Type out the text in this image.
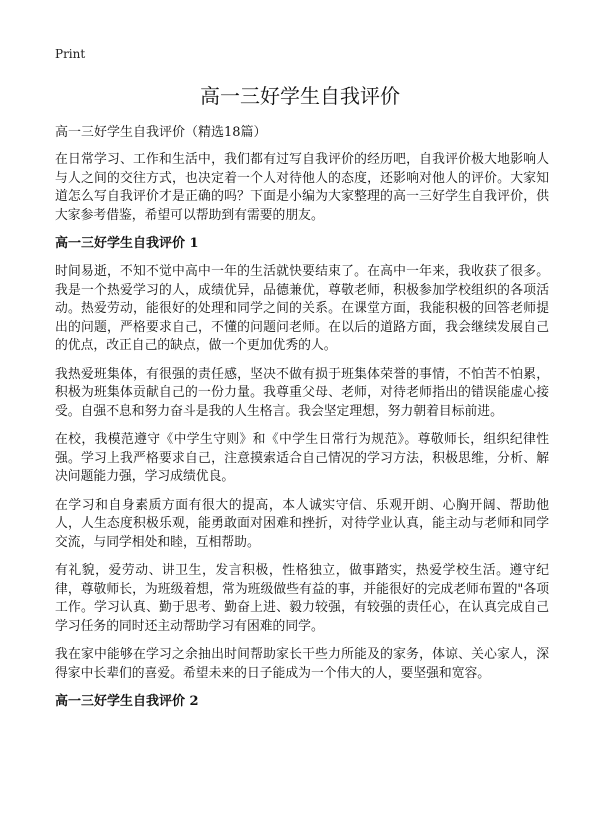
Print
高一三好学生自我评价

高一三好学生自我评价（精选18篇）

在日常学习、工作和生活中，我们都有过写自我评价的经历吧，自我评价极大地影响人与人之间的交往方式，也决定着一个人对待他人的态度，还影响对他人的评价。大家知道怎么写自我评价才是正确的吗？下面是小编为大家整理的高一三好学生自我评价，供大家参考借鉴，希望可以帮助到有需要的朋友。

高一三好学生自我评价 1

时间易逝，不知不觉中高中一年的生活就快要结束了。在高中一年来，我收获了很多。我是一个热爱学习的人，成绩优异，品德兼优，尊敬老师，积极参加学校组织的各项活动。热爱劳动，能很好的处理和同学之间的关系。在课堂方面，我能积极的回答老师提出的问题，严格要求自己，不懂的问题问老师。在以后的道路方面，我会继续发展自己的优点，改正自己的缺点，做一个更加优秀的人。

我热爱班集体，有很强的责任感，坚决不做有损于班集体荣誉的事情，不怕苦不怕累，积极为班集体贡献自己的一份力量。我尊重父母、老师，对待老师指出的错误能虚心接受。自强不息和努力奋斗是我的人生格言。我会坚定理想，努力朝着目标前进。

在校，我模范遵守《中学生守则》和《中学生日常行为规范》。尊敬师长，组织纪律性强。学习上我严格要求自己，注意摸索适合自己情况的学习方法，积极思维，分析、解决问题能力强，学习成绩优良。

在学习和自身素质方面有很大的提高，本人诚实守信、乐观开朗、心胸开阔、帮助他人，人生态度积极乐观，能勇敢面对困难和挫折，对待学业认真，能主动与老师和同学交流，与同学相处和睦，互相帮助。

有礼貌，爱劳动、讲卫生，发言积极，性格独立，做事踏实，热爱学校生活。遵守纪律，尊敬师长，为班级着想，常为班级做些有益的事，并能很好的完成老师布置的"各项工作。学习认真、勤于思考、勤奋上进、毅力较强，有较强的责任心，在认真完成自己学习任务的同时还主动帮助学习有困难的同学。

我在家中能够在学习之余抽出时间帮助家长干些力所能及的家务，体谅、关心家人，深得家中长辈们的喜爱。希望未来的日子能成为一个伟大的人，要坚强和宽容。

高一三好学生自我评价 2
